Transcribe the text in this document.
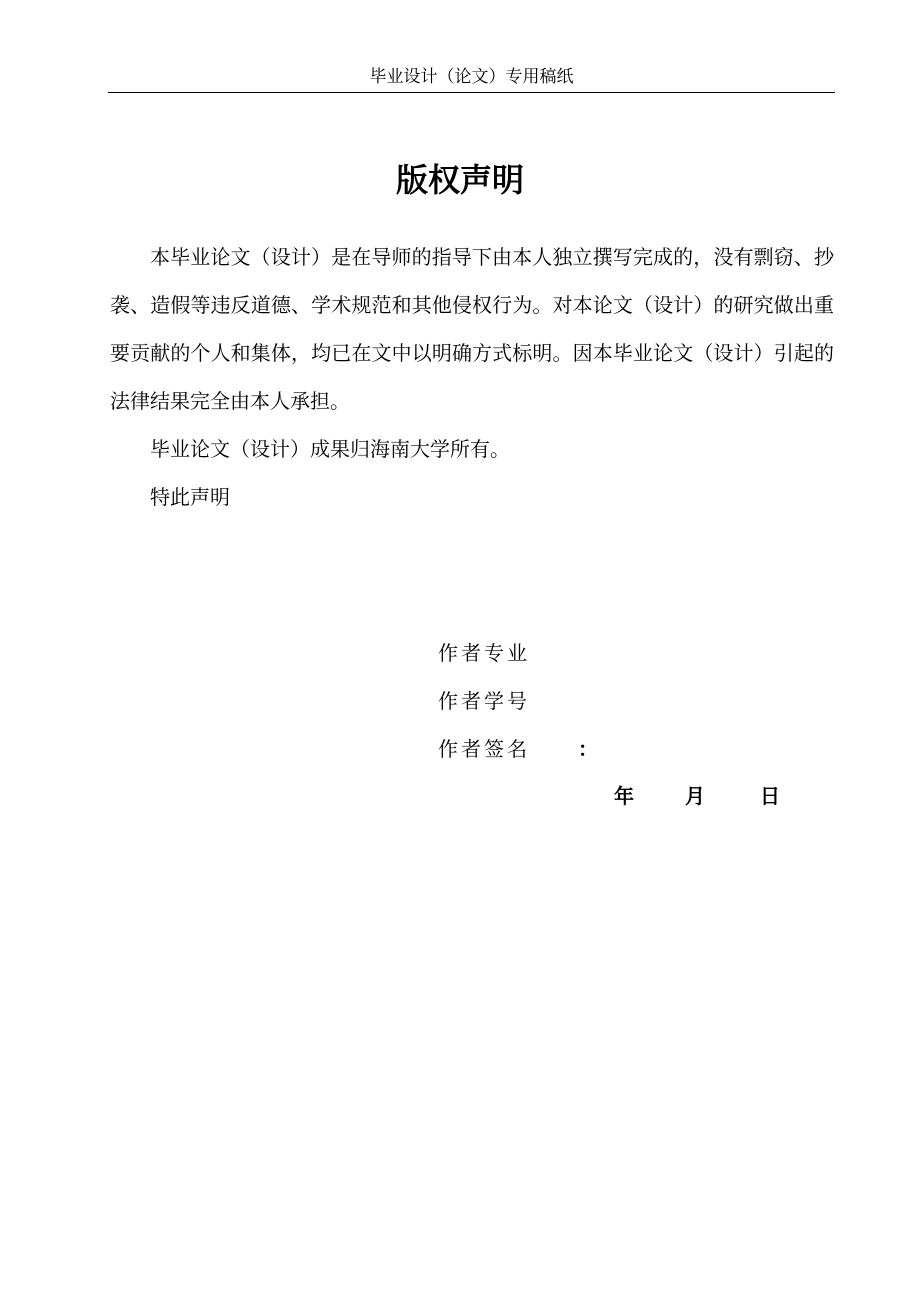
毕业设计（论文）专用稿纸
版权声明

本毕业论文（设计）是在导师的指导下由本人独立撰写完成的，没有剽窃、抄袭、造假等违反道德、学术规范和其他侵权行为。对本论文（设计）的研究做出重要贡献的个人和集体，均已在文中以明确方式标明。因本毕业论文（设计）引起的法律结果完全由本人承担。

毕业论文（设计）成果归海南大学所有。

特此声明

作者专业
作者学号
作者签名	：
年	月	日
